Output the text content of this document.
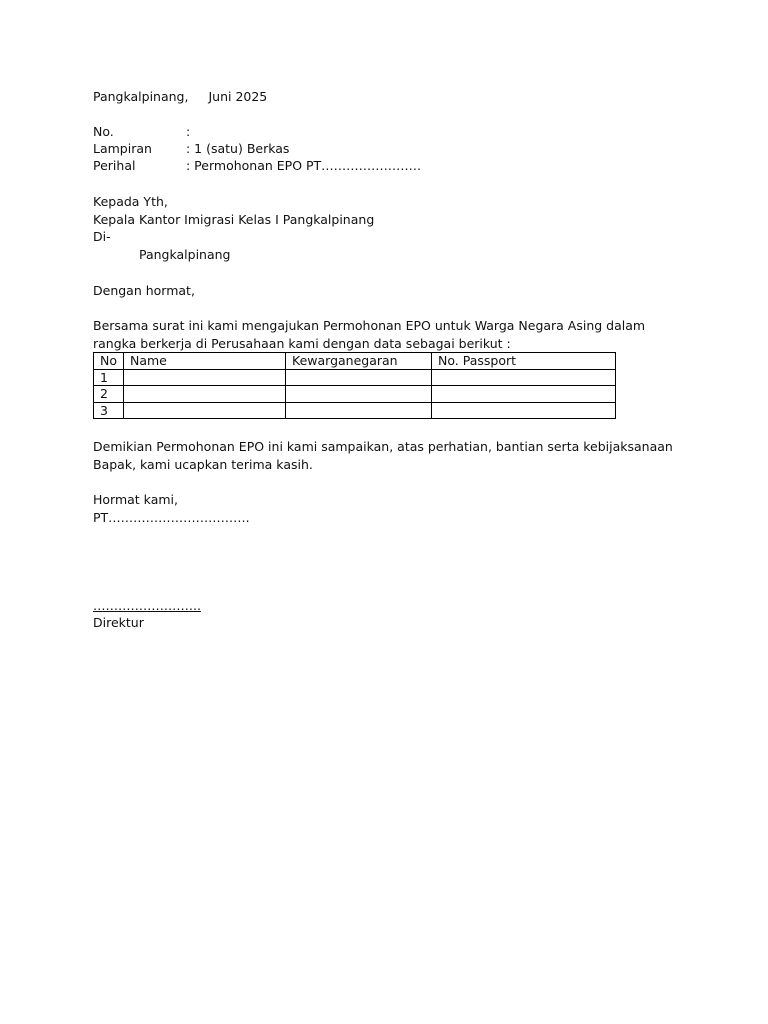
Pangkalpinang, Juni 2025
No.	:
Lampiran	: 1 (satu) Berkas
Perihal	: Permohonan EPO PT……………………
Kepada Yth,
Kepala Kantor Imigrasi Kelas I Pangkalpinang
Di-
Pangkalpinang
Dengan hormat,
Bersama surat ini kami mengajukan Permohonan EPO untuk Warga Negara Asing dalam rangka berkerja di Perusahaan kami dengan data sebagai berikut :
No	Name	Kewarganegaran	No. Passport
1			
2			
3			
Demikian Permohonan EPO ini kami sampaikan, atas perhatian, bantian serta kebijaksanaan Bapak, kami ucapkan terima kasih.
Hormat kami,
PT…………………………….
……………………..
Direktur
